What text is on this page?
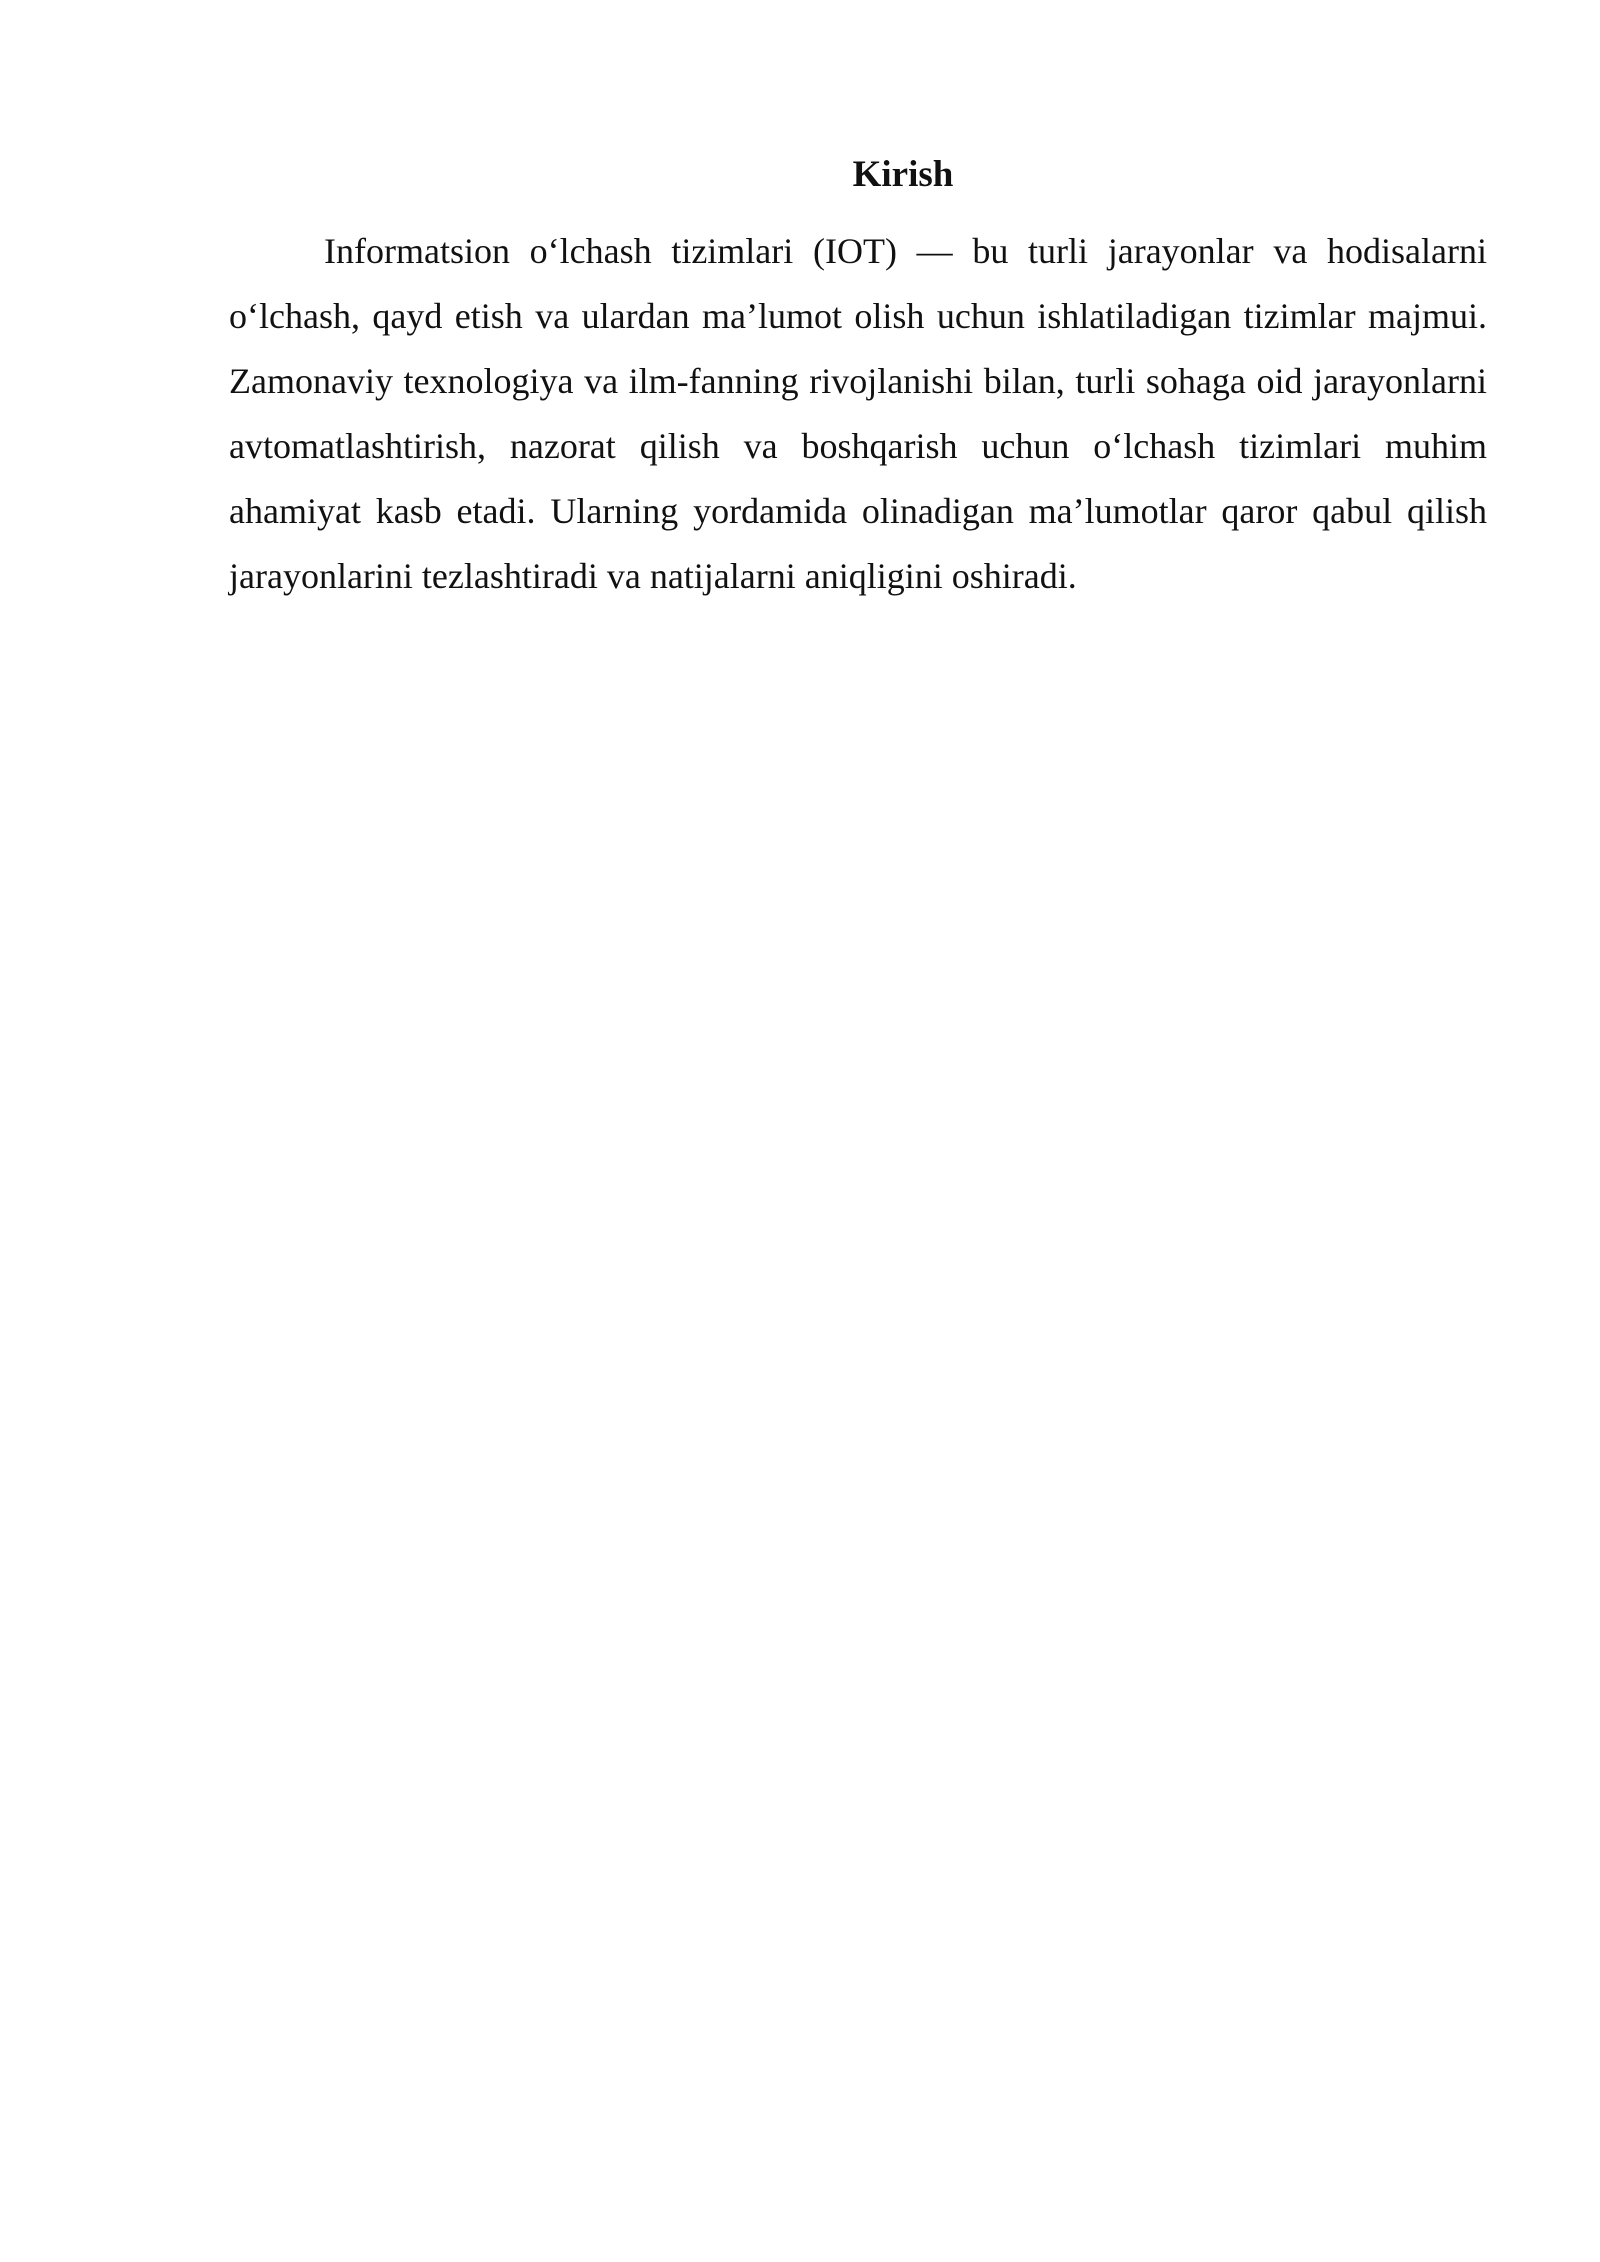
Kirish

Informatsion o‘lchash tizimlari (IOT) — bu turli jarayonlar va hodisalarni o‘lchash, qayd etish va ulardan ma’lumot olish uchun ishlatiladigan tizimlar majmui. Zamonaviy texnologiya va ilm-fanning rivojlanishi bilan, turli sohaga oid jarayonlarni avtomatlashtirish, nazorat qilish va boshqarish uchun o‘lchash tizimlari muhim ahamiyat kasb etadi. Ularning yordamida olinadigan ma’lumotlar qaror qabul qilish jarayonlarini tezlashtiradi va natijalarni aniqligini oshiradi.
